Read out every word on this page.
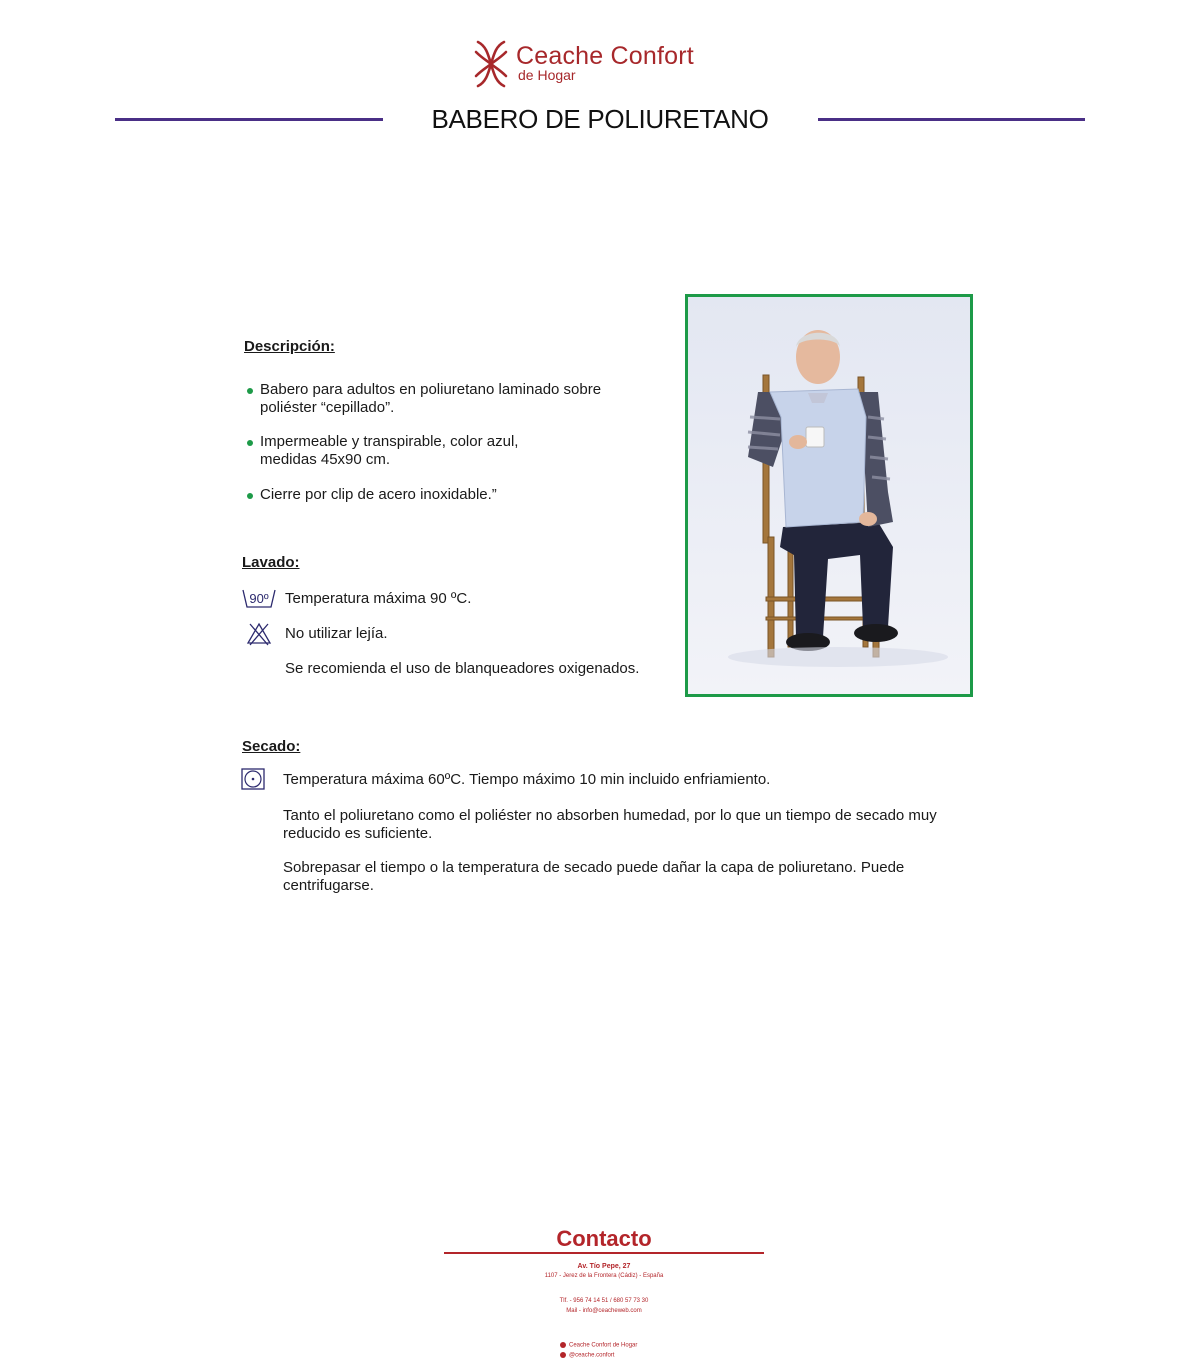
Ceache Confort
de Hogar
BABERO DE POLIURETANO
Descripción:
Babero para adultos en poliuretano laminado sobre
poliéster “cepillado”.
Impermeable y transpirable, color azul,
medidas 45x90 cm.
Cierre por clip de acero inoxidable.”
Lavado:
90º Temperatura máxima 90 ºC.
No utilizar lejía.
Se recomienda el uso de blanqueadores oxigenados.
Secado:
Temperatura máxima 60ºC. Tiempo máximo 10 min incluido enfriamiento.
Tanto el poliuretano como el poliéster no absorben humedad, por lo que un tiempo de secado muy
reducido es suficiente.
Sobrepasar el tiempo o la temperatura de secado puede dañar la capa de poliuretano. Puede
centrifugarse.
Contacto
Av. Tío Pepe, 27
1107 - Jerez de la Frontera (Cádiz) - España
Tlf. - 956 74 14 51 / 680 57 73 30
Mail - info@ceacheweb.com
Ceache Confort de Hogar
@ceache.confort
